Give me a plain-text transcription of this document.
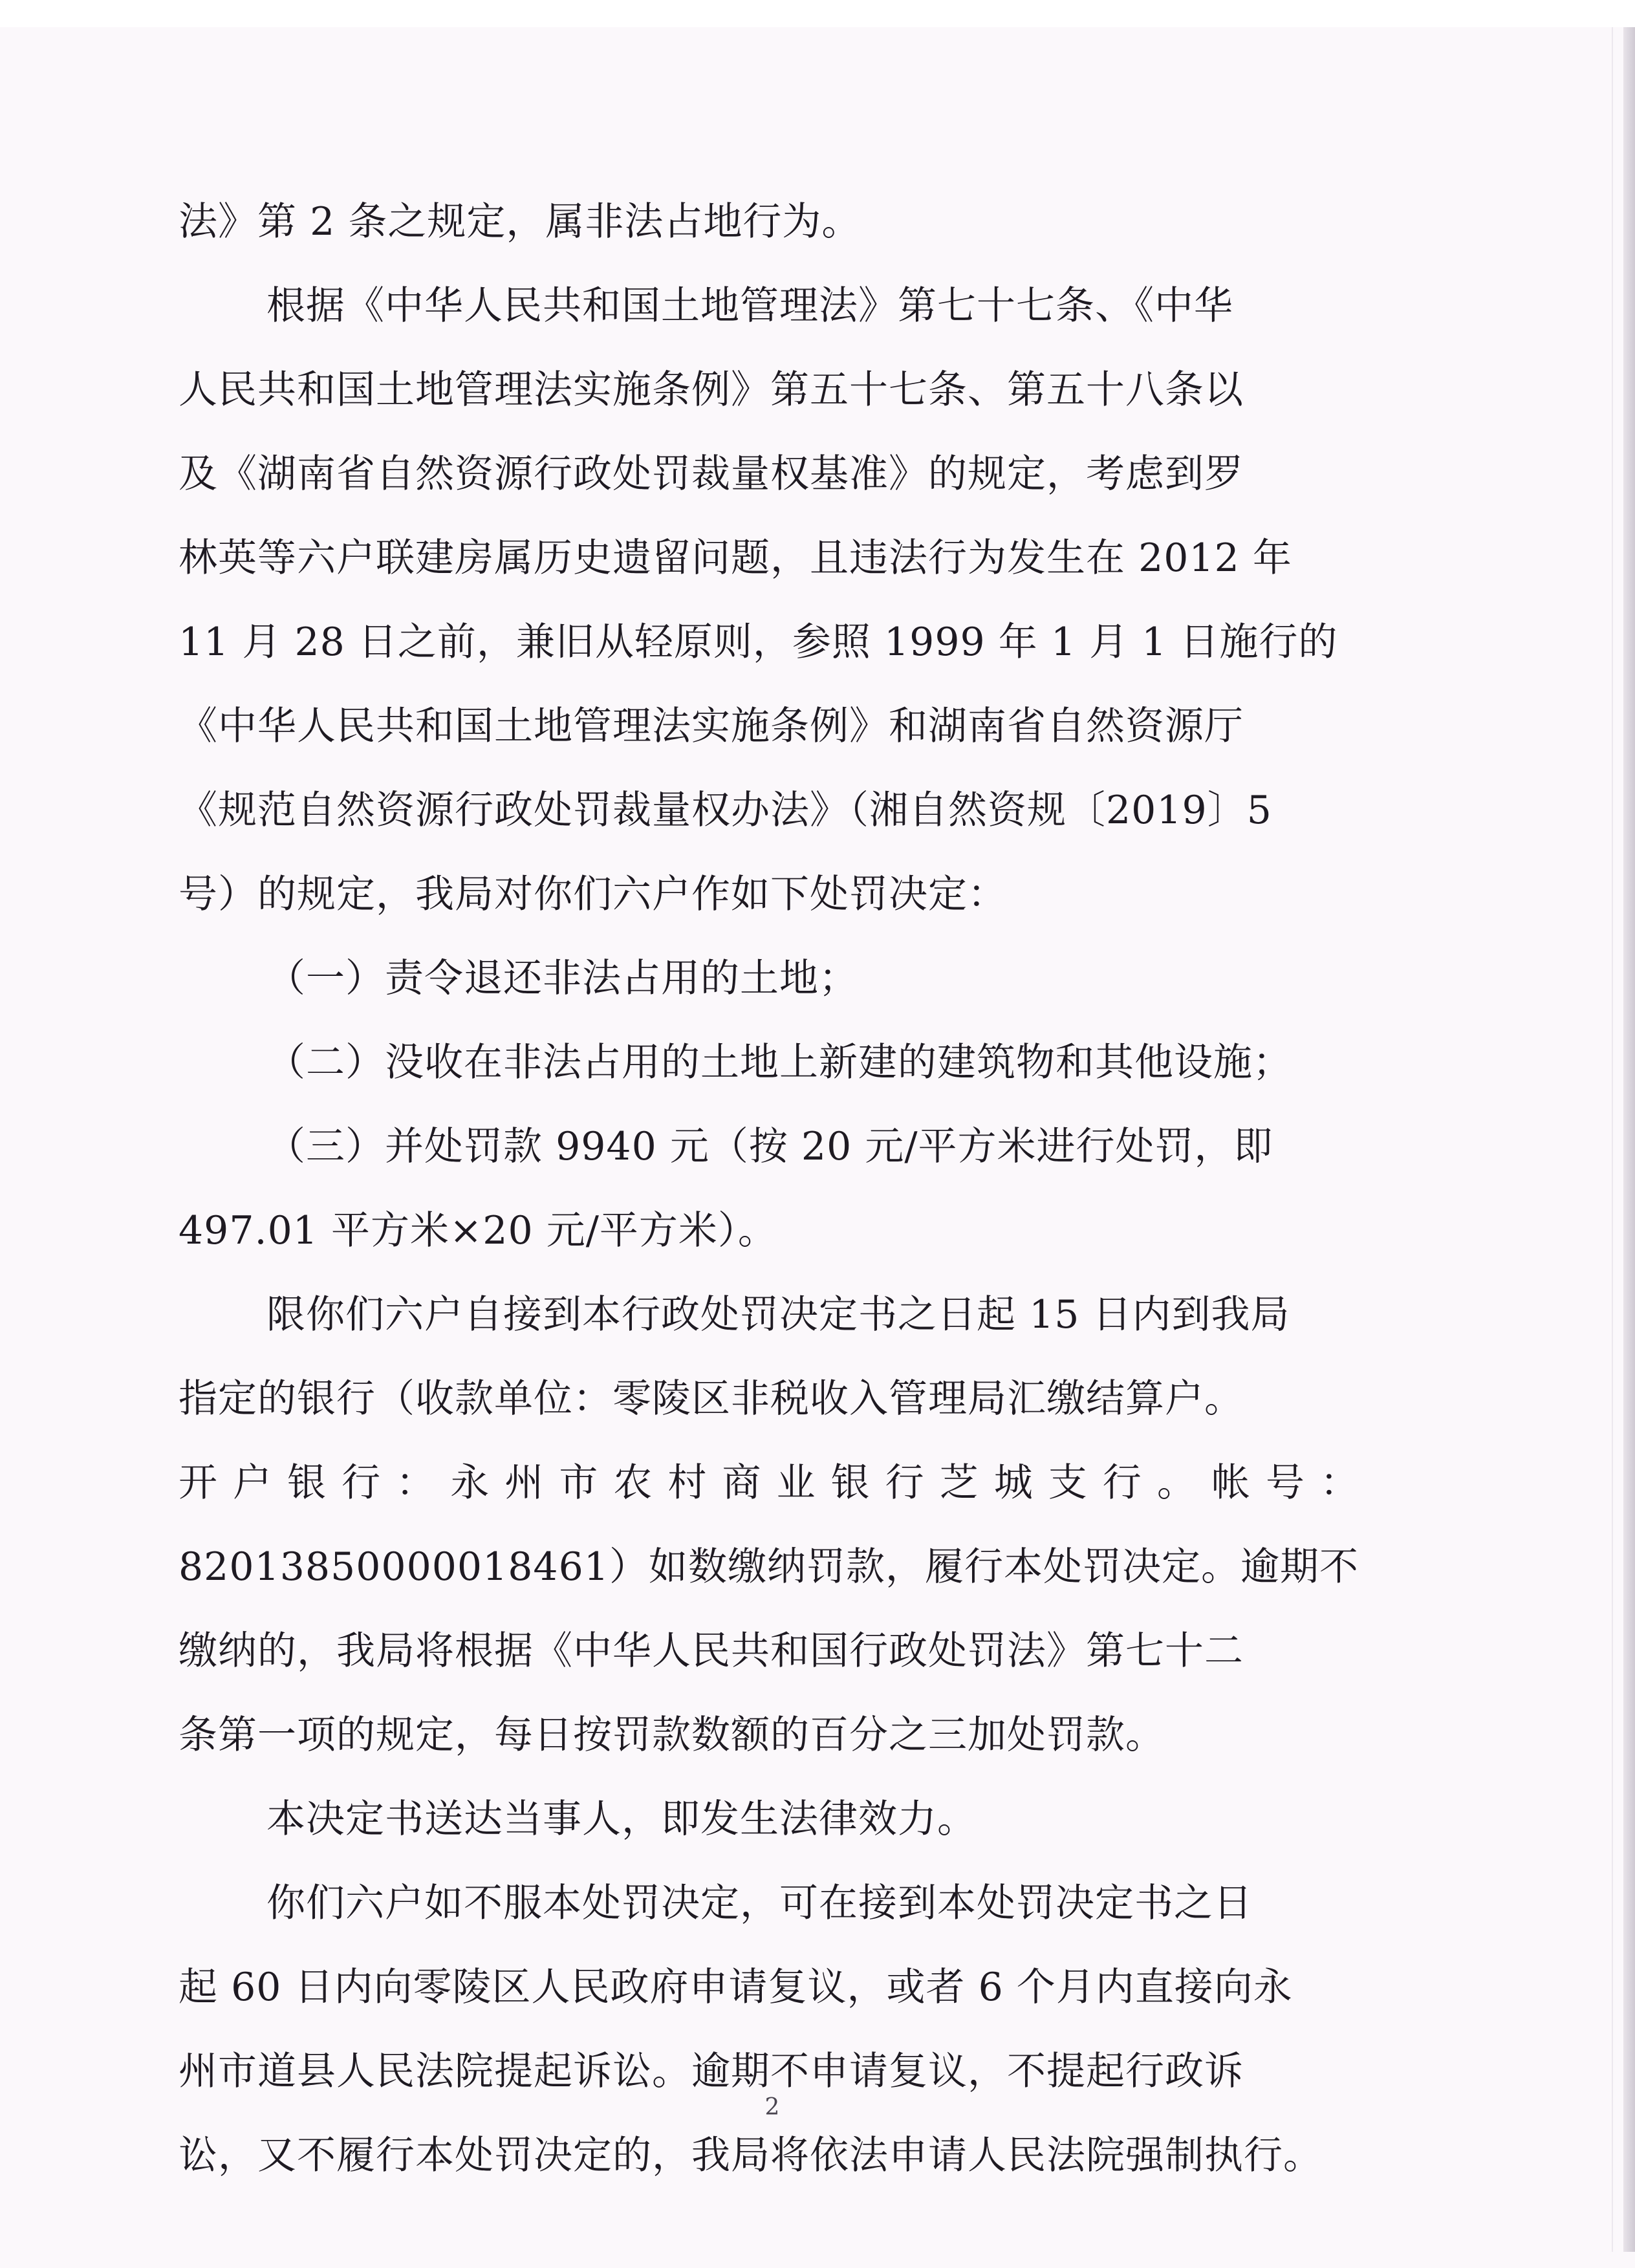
法》第 2 条之规定，属非法占地行为。
根据《中华人民共和国土地管理法》第七十七条、《中华
人民共和国土地管理法实施条例》第五十七条、第五十八条以
及《湖南省自然资源行政处罚裁量权基准》的规定，考虑到罗
林英等六户联建房属历史遗留问题，且违法行为发生在 2012 年
11 月 28 日之前，兼旧从轻原则，参照 1999 年 1 月 1 日施行的
《中华人民共和国土地管理法实施条例》和湖南省自然资源厅
《规范自然资源行政处罚裁量权办法》（湘自然资规〔2019〕5
号）的规定，我局对你们六户作如下处罚决定：
（一）责令退还非法占用的土地；
（二）没收在非法占用的土地上新建的建筑物和其他设施；
（三）并处罚款 9940 元（按 20 元/平方米进行处罚，即
497.01 平方米×20 元/平方米）。
限你们六户自接到本行政处罚决定书之日起 15 日内到我局
指定的银行（收款单位：零陵区非税收入管理局汇缴结算户。
开户银行：永州市农村商业银行芝城支行。帐号：
82013850000018461）如数缴纳罚款，履行本处罚决定。逾期不
缴纳的，我局将根据《中华人民共和国行政处罚法》第七十二
条第一项的规定，每日按罚款数额的百分之三加处罚款。
本决定书送达当事人，即发生法律效力。
你们六户如不服本处罚决定，可在接到本处罚决定书之日
起 60 日内向零陵区人民政府申请复议，或者 6 个月内直接向永
州市道县人民法院提起诉讼。逾期不申请复议，不提起行政诉
讼，又不履行本处罚决定的，我局将依法申请人民法院强制执行。
2
